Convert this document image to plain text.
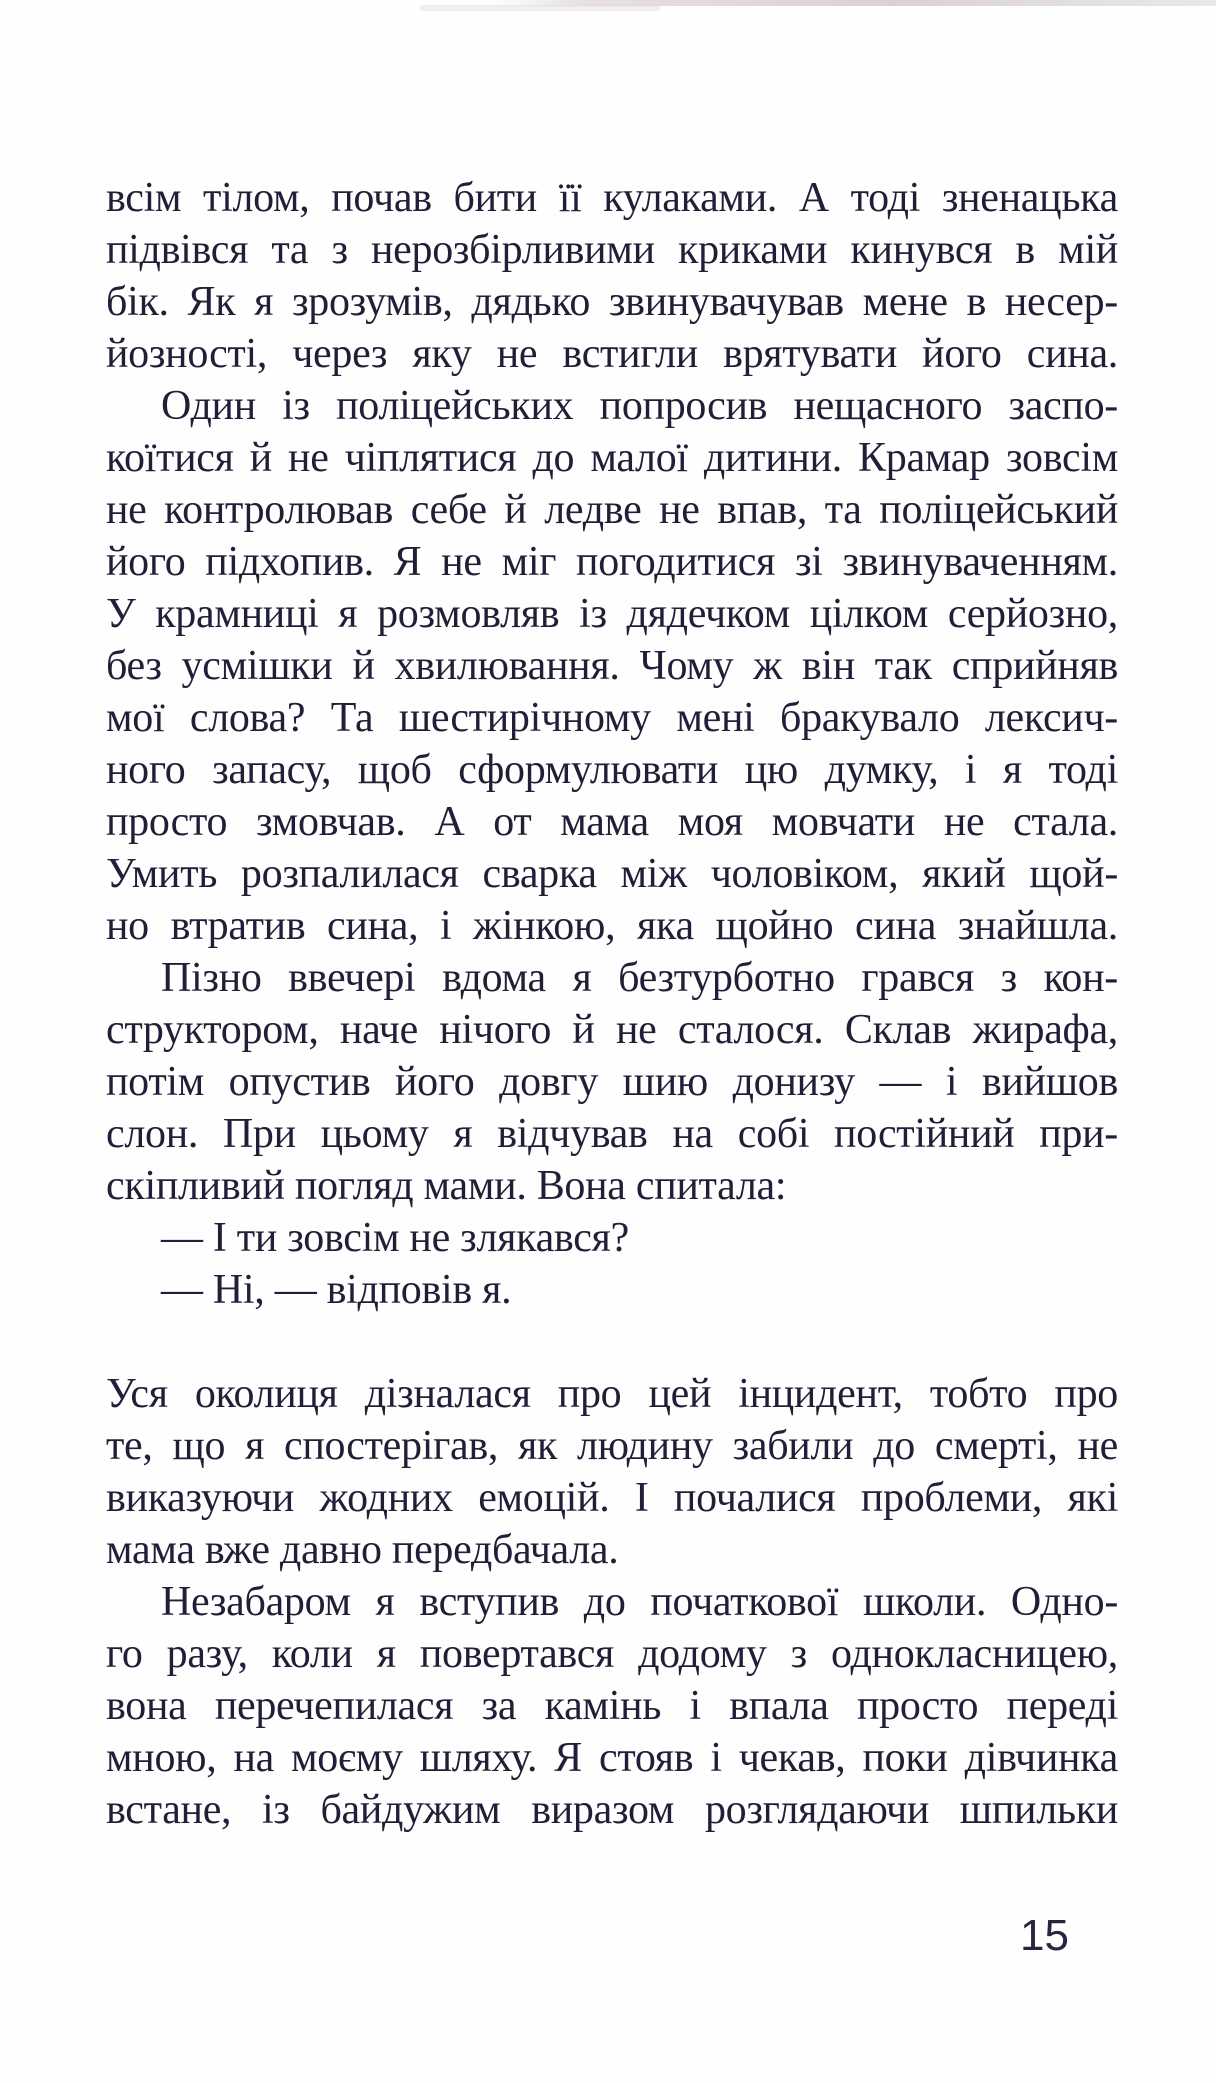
всім тілом, почав бити її кулаками. А тоді зненацька
підвівся та з нерозбірливими криками кинувся в мій
бік. Як я зрозумів, дядько звинувачував мене в несер-
йозності, через яку не встигли врятувати його сина.
Один із поліцейських попросив нещасного заспо-
коїтися й не чіплятися до малої дитини. Крамар зовсім
не контролював себе й ледве не впав, та поліцейський
його підхопив. Я не міг погодитися зі звинуваченням.
У крамниці я розмовляв із дядечком цілком серйозно,
без усмішки й хвилювання. Чому ж він так сприйняв
мої слова? Та шестирічному мені бракувало лексич-
ного запасу, щоб сформулювати цю думку, і я тоді
просто змовчав. А от мама моя мовчати не стала.
Умить розпалилася сварка між чоловіком, який щой-
но втратив сина, і жінкою, яка щойно сина знайшла.
Пізно ввечері вдома я безтурботно грався з кон-
структором, наче нічого й не сталося. Склав жирафа,
потім опустив його довгу шию донизу — і вийшов
слон. При цьому я відчував на собі постійний при-
скіпливий погляд мами. Вона спитала:
— І ти зовсім не злякався?
— Ні, — відповів я.
Уся околиця дізналася про цей інцидент, тобто про
те, що я спостерігав, як людину забили до смерті, не
виказуючи жодних емоцій. І почалися проблеми, які
мама вже давно передбачала.
Незабаром я вступив до початкової школи. Одно-
го разу, коли я повертався додому з однокласницею,
вона перечепилася за камінь і впала просто переді
мною, на моєму шляху. Я стояв і чекав, поки дівчинка
встане, із байдужим виразом розглядаючи шпильки
15
